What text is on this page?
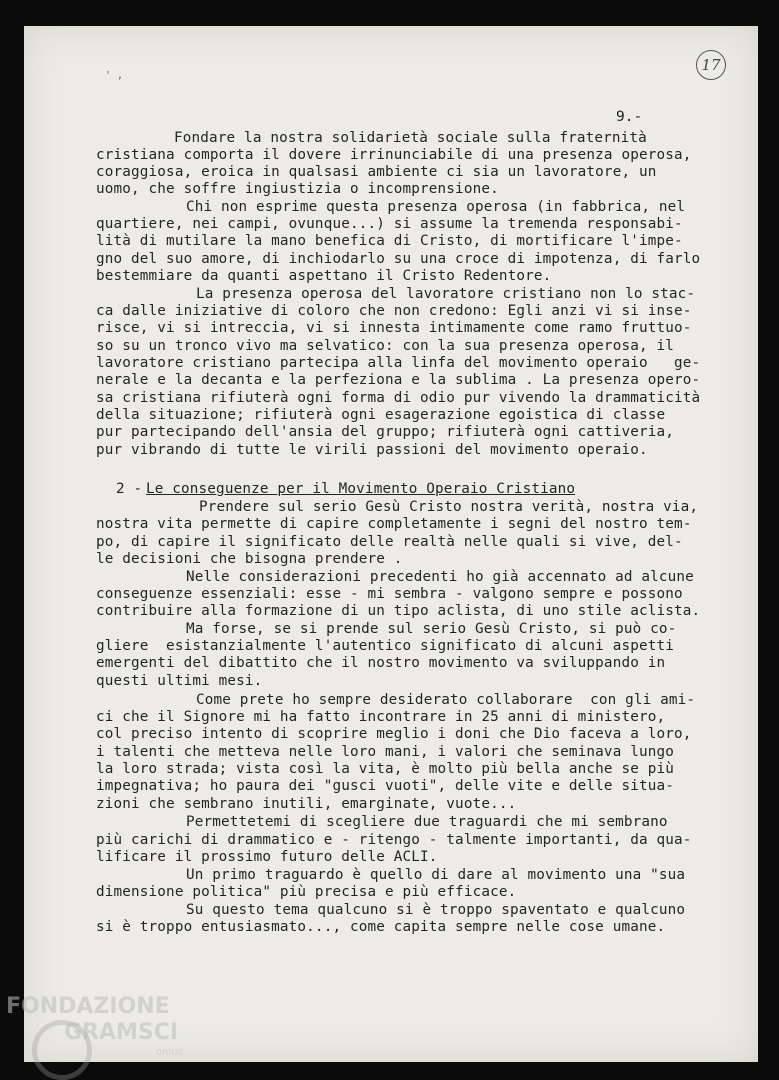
' ,
17
9.-
Fondare la nostra solidarietà sociale sulla fraternità
cristiana comporta il dovere irrinunciabile di una presenza operosa,
coraggiosa, eroica in qualsasi ambiente ci sia un lavoratore, un
uomo, che soffre ingiustizia o incomprensione.
Chi non esprime questa presenza operosa (in fabbrica, nel
quartiere, nei campi, ovunque...) si assume la tremenda responsabi-
lità di mutilare la mano benefica di Cristo, di mortificare l'impe-
gno del suo amore, di inchiodarlo su una croce di impotenza, di farlo
bestemmiare da quanti aspettano il Cristo Redentore.
La presenza operosa del lavoratore cristiano non lo stac-
ca dalle iniziative di coloro che non credono: Egli anzi vi si inse-
risce, vi si intreccia, vi si innesta intimamente come ramo fruttuo-
so su un tronco vivo ma selvatico: con la sua presenza operosa, il
lavoratore cristiano partecipa alla linfa del movimento operaio   ge-
nerale e la decanta e la perfeziona e la sublima . La presenza opero-
sa cristiana rifiuterà ogni forma di odio pur vivendo la drammaticità
della situazione; rifiuterà ogni esagerazione egoistica di classe
pur partecipando dell'ansia del gruppo; rifiuterà ogni cattiveria,
pur vibrando di tutte le virili passioni del movimento operaio.
2 -
Le conseguenze per il Movimento Operaio Cristiano
Prendere sul serio Gesù Cristo nostra verità, nostra via,
nostra vita permette di capire completamente i segni del nostro tem-
po, di capire il significato delle realtà nelle quali si vive, del-
le decisioni che bisogna prendere .
Nelle considerazioni precedenti ho già accennato ad alcune
conseguenze essenziali: esse - mi sembra - valgono sempre e possono
contribuire alla formazione di un tipo aclista, di uno stile aclista.
Ma forse, se si prende sul serio Gesù Cristo, si può co-
gliere  esistanzialmente l'autentico significato di alcuni aspetti
emergenti del dibattito che il nostro movimento va sviluppando in
questi ultimi mesi.
Come prete ho sempre desiderato collaborare  con gli ami-
ci che il Signore mi ha fatto incontrare in 25 anni di ministero,
col preciso intento di scoprire meglio i doni che Dio faceva a loro,
i talenti che metteva nelle loro mani, i valori che seminava lungo
la loro strada; vista così la vita, è molto più bella anche se più
impegnativa; ho paura dei "gusci vuoti", delle vite e delle situa-
zioni che sembrano inutili, emarginate, vuote...
Permettetemi di scegliere due traguardi che mi sembrano
più carichi di drammatico e - ritengo - talmente importanti, da qua-
lificare il prossimo futuro delle ACLI.
Un primo traguardo è quello di dare al movimento una "sua
dimensione politica" più precisa e più efficace.
Su questo tema qualcuno si è troppo spaventato e qualcuno
si è troppo entusiasmato..., come capita sempre nelle cose umane.
FONDAZIONE
GRAMSCI
onlus
